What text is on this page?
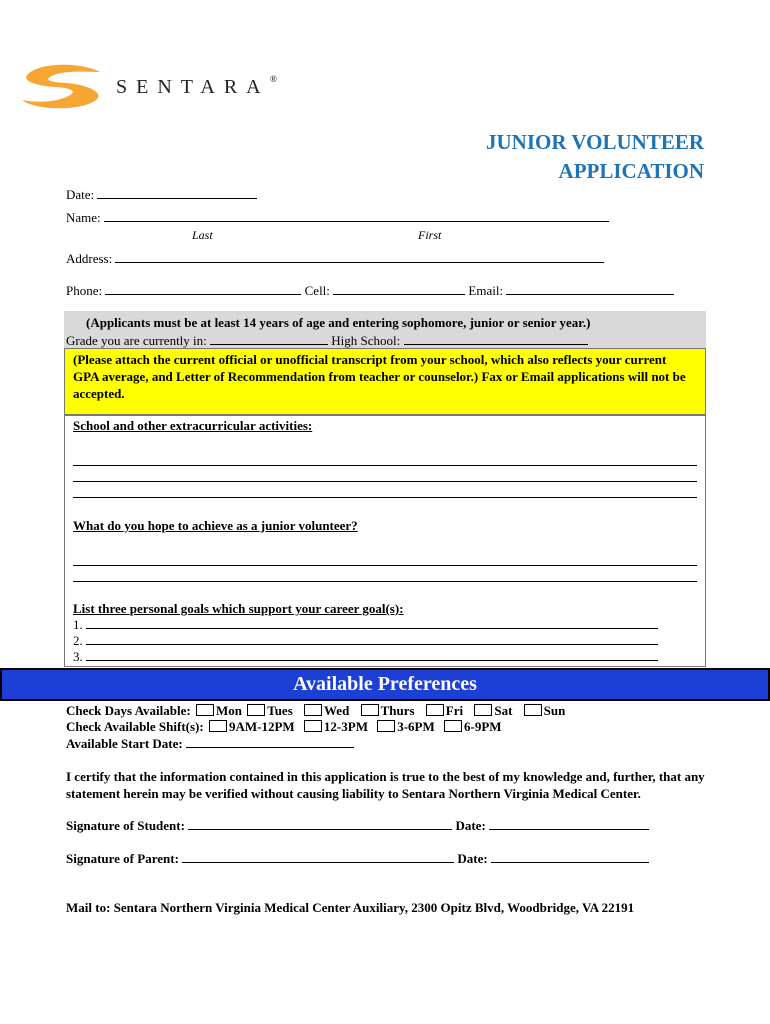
SENTARA ®
JUNIOR VOLUNTEER
APPLICATION
Date:
Name:
Last	First
Address:
Phone:	Cell:	Email:
(Applicants must be at least 14 years of age and entering sophomore, junior or senior year.)
Grade you are currently in:	High School:
(Please attach the current official or unofficial transcript from your school, which also reflects your current GPA average, and Letter of Recommendation from teacher or counselor.) Fax or Email applications will not be accepted.
School and other extracurricular activities:
What do you hope to achieve as a junior volunteer?
List three personal goals which support your career goal(s):
1.
2.
3.
Available Preferences
Check Days Available: Mon Tues Wed Thurs Fri Sat Sun
Check Available Shift(s): 9AM-12PM 12-3PM 3-6PM 6-9PM
Available Start Date:
I certify that the information contained in this application is true to the best of my knowledge and, further, that any statement herein may be verified without causing liability to Sentara Northern Virginia Medical Center.
Signature of Student:	Date:
Signature of Parent:	Date:
Mail to: Sentara Northern Virginia Medical Center Auxiliary, 2300 Opitz Blvd, Woodbridge, VA 22191
